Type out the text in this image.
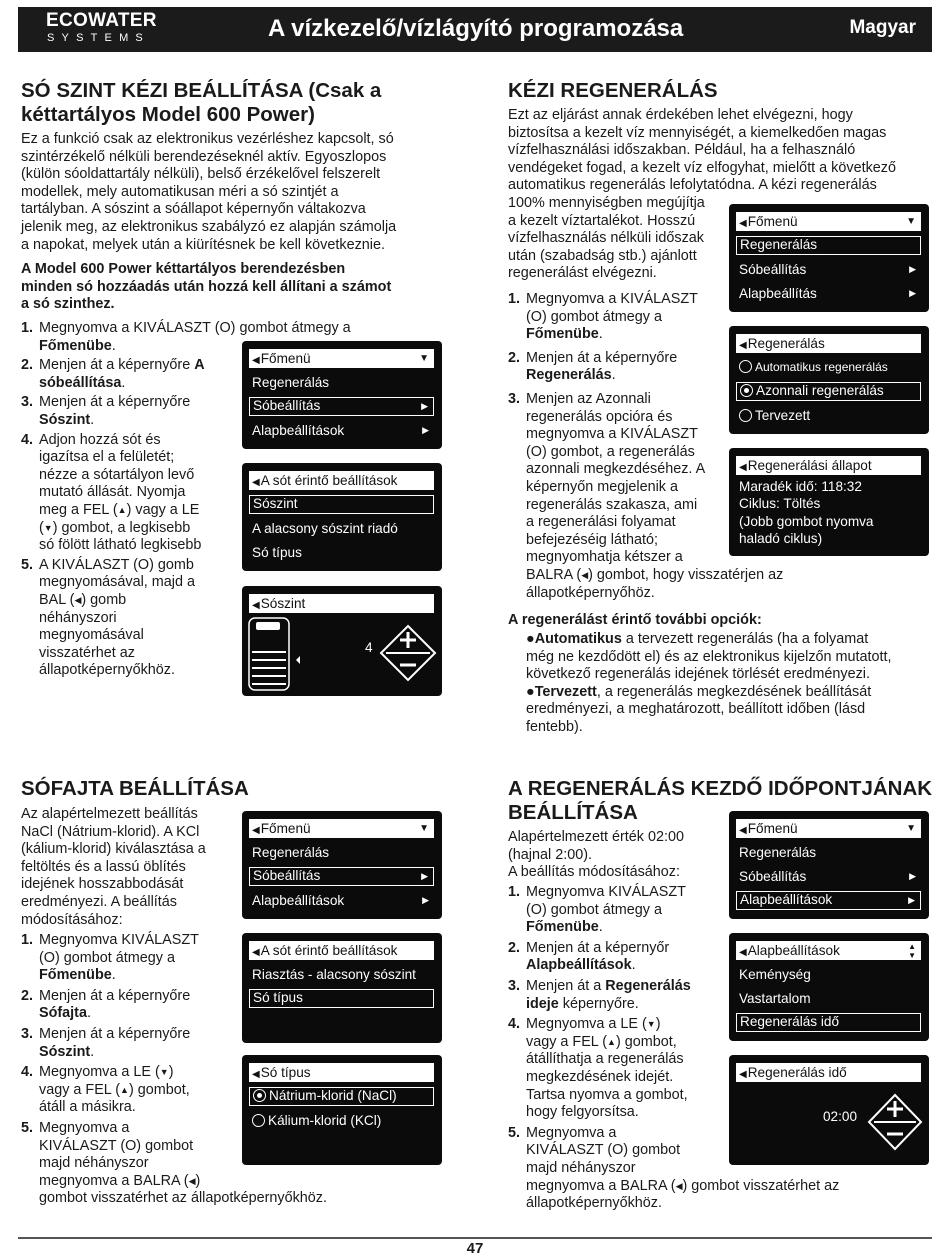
ECOWATER
SYSTEMS	A vízkezelő/vízlágyító programozása	Magyar
SÓ SZINT KÉZI BEÁLLÍTÁSA (Csak a
kéttartályos Model 600 Power)
Ez a funkció csak az elektronikus vezérléshez kapcsolt, só
szintérzékelő nélküli berendezéseknél aktív. Egyoszlopos
(külön sóoldattartály nélküli), belső érzékelővel felszerelt
modellek, mely automatikusan méri a só szintjét a
tartályban. A sószint a sóállapot képernyőn váltakozva
jelenik meg, az elektronikus szabályzó ez alapján számolja
a napokat, melyek után a kiürítésnek be kell következnie.
A Model 600 Power kéttartályos berendezésben
minden só hozzáadás után hozzá kell állítani a számot
a só szinthez.
1. Megnyomva a KIVÁLASZT (O) gombot átmegy a
Főmenübe.
2. Menjen át a képernyőre A
sóbeállítása.
3. Menjen át a képernyőre
Sószint.
4. Adjon hozzá sót és
igazítsa el a felületét;
nézze a sótartályon levő
mutató állását. Nyomja
meg a FEL (▲) vagy a LE
(▼) gombot, a legkisebb
só fölött látható legkisebb
5. A KIVÁLASZT (O) gomb
megnyomásával, majd a
BAL (◀) gomb
néhányszori
megnyomásával
visszatérhet az
állapotképernyőkhöz.
◀Főmenü	▼
Regenerálás
Sóbeállítás	▶
Alapbeállítások	▶
◀A sót érintő beállítások
Sószint
A alacsony sószint riadó
Só típus
◀Sószint
4
KÉZI REGENERÁLÁS
Ezt az eljárást annak érdekében lehet elvégezni, hogy
biztosítsa a kezelt víz mennyiségét, a kiemelkedően magas
vízfelhasználási időszakban. Például, ha a felhasználó
vendégeket fogad, a kezelt víz elfogyhat, mielőtt a következő
automatikus regenerálás lefolytatódna. A kézi regenerálás
100% mennyiségben megújítja
a kezelt víztartalékot. Hosszú
vízfelhasználás nélküli időszak
után (szabadság stb.) ajánlott
regenerálást elvégezni.
1. Megnyomva a KIVÁLASZT
(O) gombot átmegy a
Főmenübe.
2. Menjen át a képernyőre
Regenerálás.
3. Menjen az Azonnali
regenerálás opcióra és
megnyomva a KIVÁLASZT
(O) gombot, a regenerálás
azonnali megkezdéséhez. A
képernyőn megjelenik a
regenerálás szakasza, ami
a regenerálási folyamat
befejezéséig látható;
megnyomhatja kétszer a
BALRA (◀) gombot, hogy visszatérjen az
állapotképernyőhöz.
A regenerálást érintő további opciók:
●Automatikus a tervezett regenerálás (ha a folyamat
még ne kezdődött el) és az elektronikus kijelzőn mutatott,
következő regenerálás idejének törlését eredményezi.
●Tervezett, a regenerálás megkezdésének beállítását
eredményezi, a meghatározott, beállított időben (lásd
fentebb).
◀Főmenü	▼
Regenerálás
Sóbeállítás	▶
Alapbeállítás	▶
◀Regenerálás
Automatikus regenerálás
Azonnali regenerálás
Tervezett
◀Regenerálási állapot
Maradék idő: 118:32
Ciklus: Töltés
(Jobb gombot nyomva
haladó ciklus)
SÓFAJTA BEÁLLÍTÁSA
Az alapértelmezett beállítás
NaCl (Nátrium-klorid). A KCl
(kálium-klorid) kiválasztása a
feltöltés és a lassú öblítés
idejének hosszabbodását
eredményezi. A beállítás
módosításához:
1. Megnyomva KIVÁLASZT
(O) gombot átmegy a
Főmenübe.
2. Menjen át a képernyőre
Sófajta.
3. Menjen át a képernyőre
Sószint.
4. Megnyomva a LE (▼)
vagy a FEL (▲) gombot,
átáll a másikra.
5. Megnyomva a
KIVÁLASZT (O) gombot
majd néhányszor
megnyomva a BALRA (◀)
gombot visszatérhet az állapotképernyőkhöz.
◀Főmenü	▼
Regenerálás
Sóbeállítás	▶
Alapbeállítások	▶
◀A sót érintő beállítások
Riasztás - alacsony sószint
Só típus
◀Só típus
Nátrium-klorid (NaCl)
Kálium-klorid (KCl)
A REGENERÁLÁS KEZDŐ IDŐPONTJÁNAK
BEÁLLÍTÁSA
Alapértelmezett érték 02:00
(hajnal 2:00).
A beállítás módosításához:
1. Megnyomva KIVÁLASZT
(O) gombot átmegy a
Főmenübe.
2. Menjen át a képernyőr
Alapbeállítások.
3. Menjen át a Regenerálás
ideje képernyőre.
4. Megnyomva a LE (▼)
vagy a FEL (▲) gombot,
átállíthatja a regenerálás
megkezdésének idejét.
Tartsa nyomva a gombot,
hogy felgyorsítsa.
5. Megnyomva a
KIVÁLASZT (O) gombot
majd néhányszor
megnyomva a BALRA (◀) gombot visszatérhet az
állapotképernyőkhöz.
◀Főmenü	▼
Regenerálás
Sóbeállítás	▶
Alapbeállítások	▶
◀Alapbeállítások	▲
▼
Keménység
Vastartalom
Regenerálás idő
◀Regenerálás idő
02:00
47
